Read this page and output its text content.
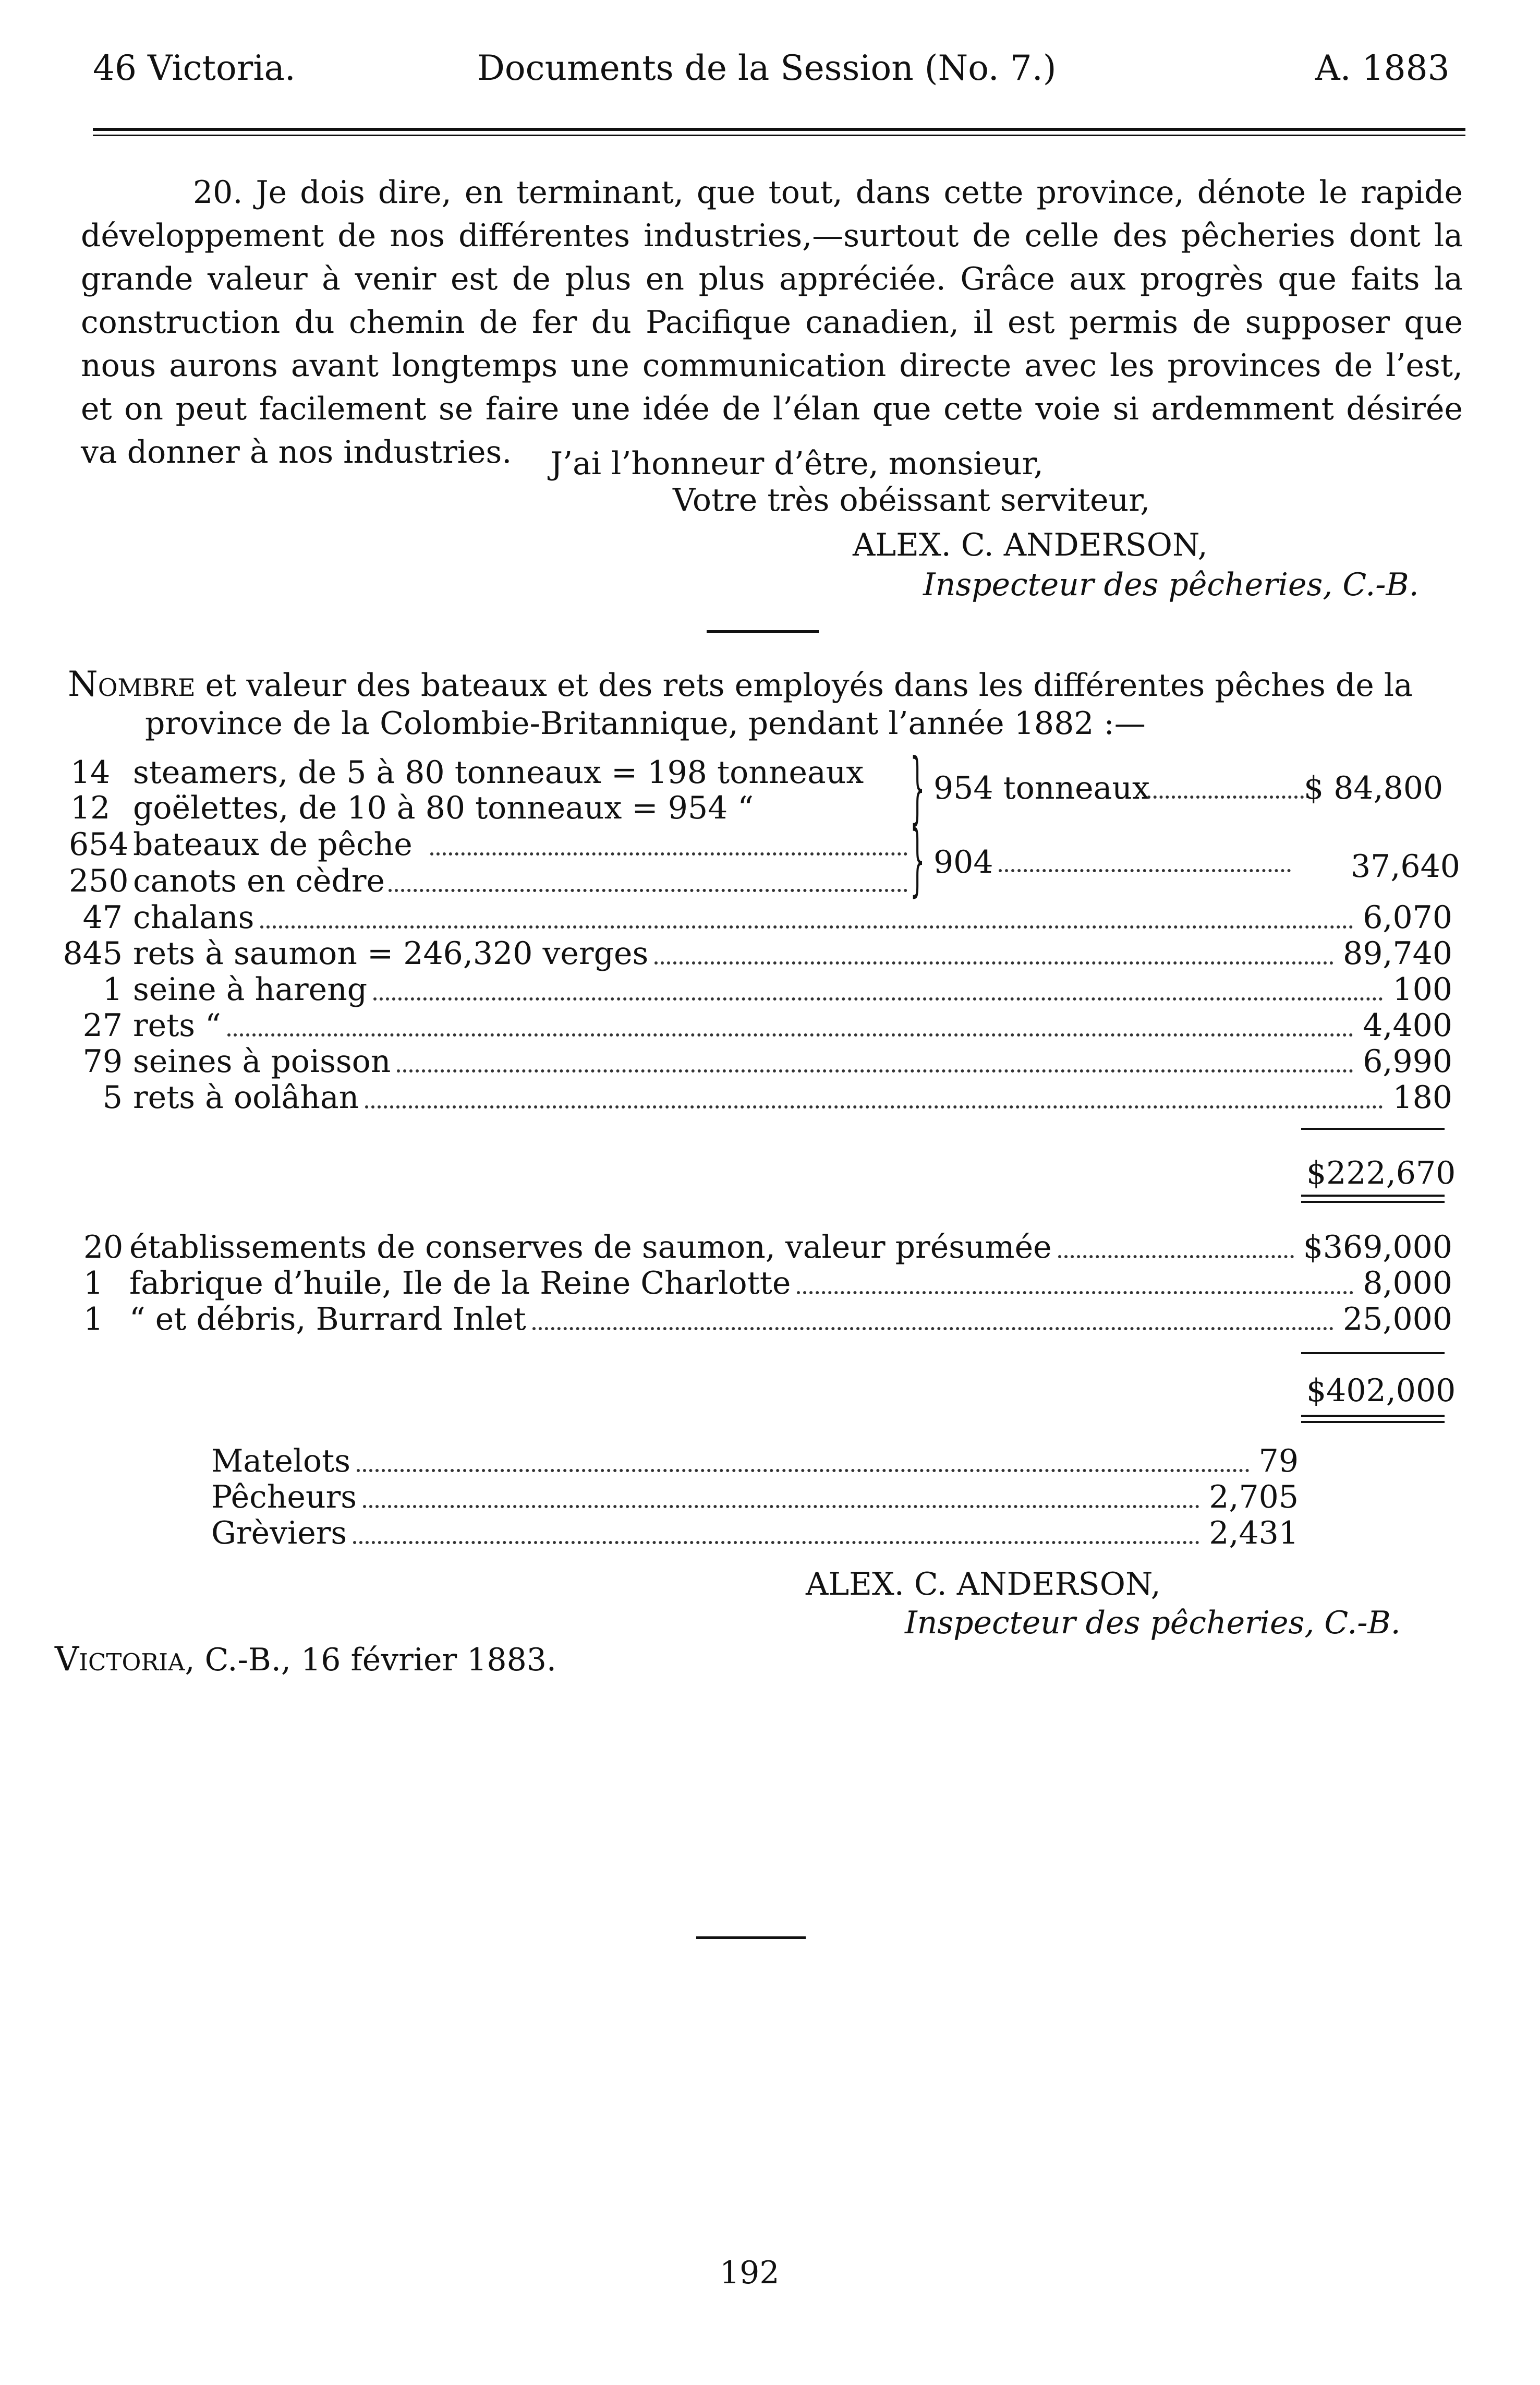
46 Victoria.	Documents de la Session (No. 7.)	A. 1883
20. Je dois dire, en terminant, que tout, dans cette province, dénote le rapide
développement de nos différentes industries,—surtout de celle des pêcheries dont la
grande valeur à venir est de plus en plus appréciée. Grâce aux progrès que faits la
construction du chemin de fer du Pacifique canadien, il est permis de supposer que
nous aurons avant longtemps une communication directe avec les provinces de l’est,
et on peut facilement se faire une idée de l’élan que cette voie si ardemment désirée
va donner à nos industries.	J’ai l’honneur d’être, monsieur,
Votre très obéissant serviteur,
ALEX. C. ANDERSON,
Inspecteur des pêcheries, C.-B.
Nombre et valeur des bateaux et des rets employés dans les différentes pêches de la
province de la Colombie-Britannique, pendant l’année 1882 :—
14 steamers, de 5 à 80 tonneaux = 198 tonneaux
12 goëlettes, de 10 à 80 tonneaux = 954 “ } 954 tonneaux	$ 84,800
654 bateaux de pêche
250 canots en cèdre	} 904	37,640
47 chalans	6,070
845 rets à saumon = 246,320 verges	89,740
1 seine à hareng	100
27 rets “	4,400
79 seines à poisson	6,990
5 rets à oolâhan	180
$222,670
20 établissements de conserves de saumon, valeur présumée	$369,000
1 fabrique d’huile, Ile de la Reine Charlotte	8,000
1 “ et débris, Burrard Inlet	25,000
$402,000
Matelots	79
Pêcheurs	2,705
Grèviers	2,431
ALEX. C. ANDERSON,
Inspecteur des pêcheries, C.-B.
Victoria, C.-B., 16 février 1883.
192
